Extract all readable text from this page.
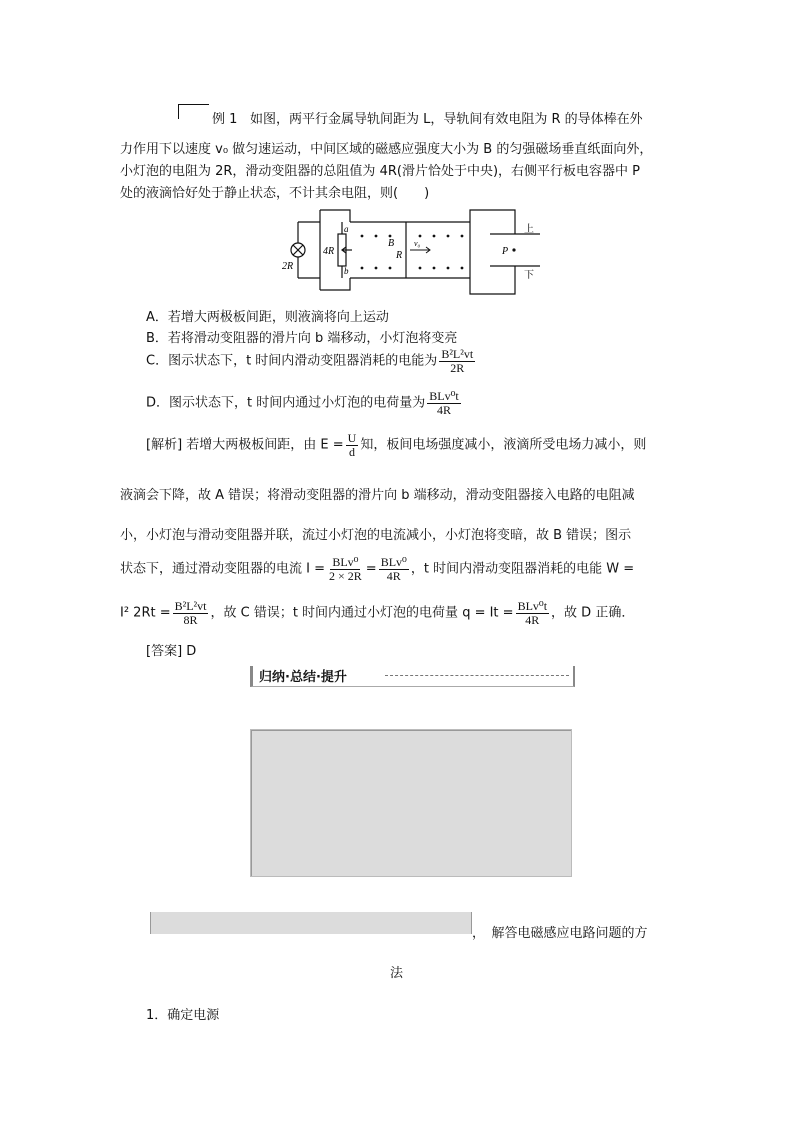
例 1 如图，两平行金属导轨间距为 L，导轨间有效电阻为 R 的导体棒在外
力作用下以速度 v₀ 做匀速运动，中间区域的磁感应强度大小为 B 的匀强磁场垂直纸面向外，
小灯泡的电阻为 2R，滑动变阻器的总阻值为 4R(滑片恰处于中央)，右侧平行板电容器中 P
处的液滴恰好处于静止状态，不计其余电阻，则(　　)
2R
4R
a
b
B
R
v₀
P
上
下
A．若增大两极板间距，则液滴将向上运动
B．若将滑动变阻器的滑片向 b 端移动，小灯泡将变亮
C．图示状态下，t 时间内滑动变阻器消耗的电能为 $\frac{\text{B²L²vt}}{2R}$
D．图示状态下，t 时间内通过小灯泡的电荷量为 $\frac{\text{BLv⁰t}}{4R}$
[解析] 若增大两极板间距，由 $E = \frac{U}{d}$ 知，板间电场强度减小，液滴所受电场力减小，则
液滴会下降，故 A 错误；将滑动变阻器的滑片向 b 端移动，滑动变阻器接入电路的电阻减
小，小灯泡与滑动变阻器并联，流过小灯泡的电流减小，小灯泡将变暗，故 B 错误；图示
状态下，通过滑动变阻器的电流 $I = \frac{\text{BLv⁰}}{2 \times 2R} = \frac{\text{BLv⁰}}{4R}$ ，t 时间内滑动变阻器消耗的电能 W =
I² $2Rt = \frac{\text{B²L²vt}}{8R}$ ，故 C 错误；t 时间内通过小灯泡的电荷量 $q = It = \frac{\text{BLv⁰t}}{4R}$ ，故 D 正确．
[答案] D
归纳·总结·提升
，　解答电磁感应电路问题的方
法
1．确定电源
